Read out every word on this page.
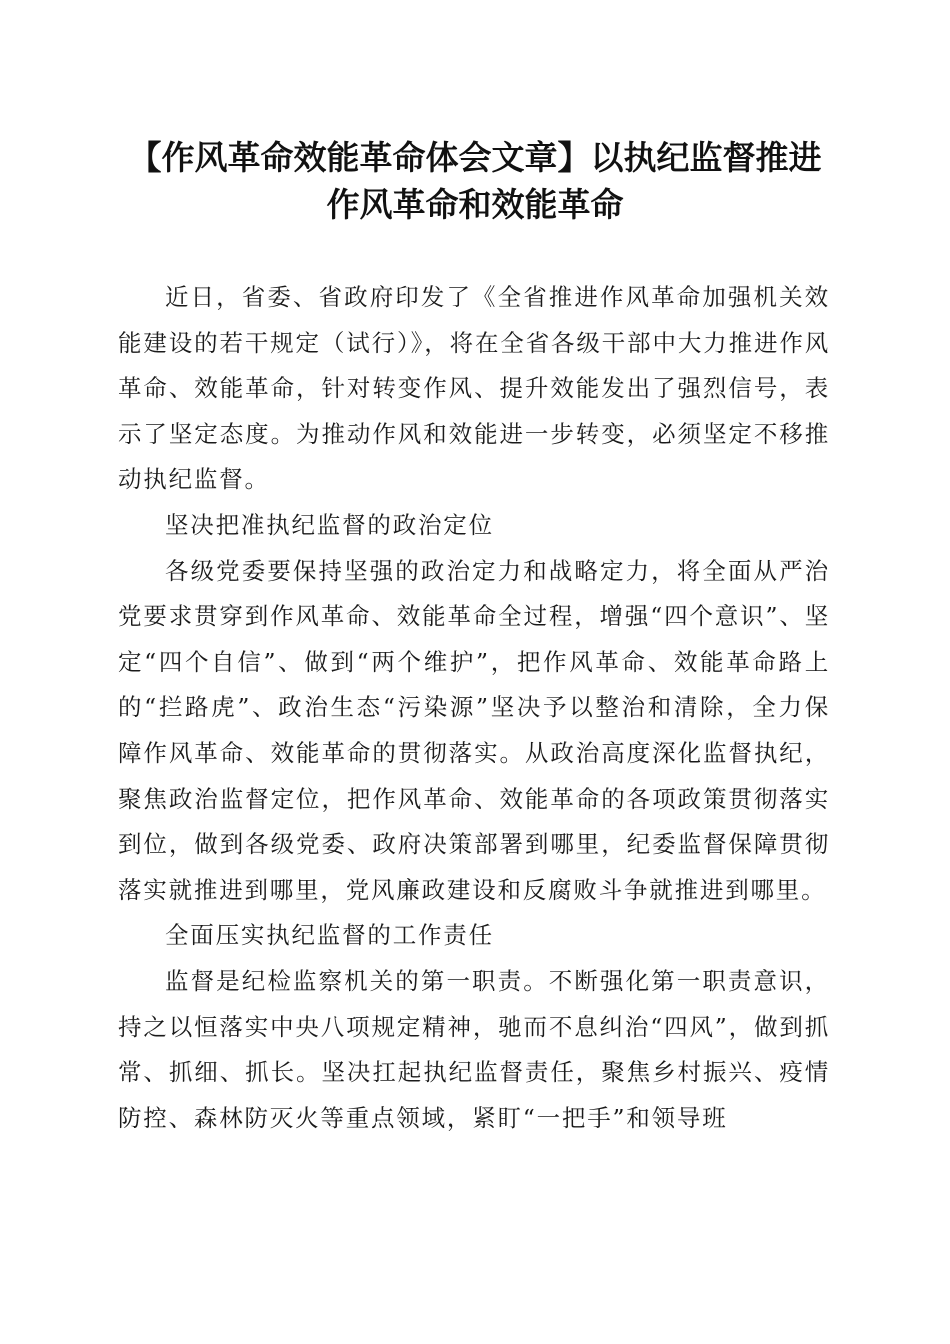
【作风革命效能革命体会文章】以执纪监督推进作风革命和效能革命

近日，省委、省政府印发了《全省推进作风革命加强机关效能建设的若干规定（试行）》，将在全省各级干部中大力推进作风革命、效能革命，针对转变作风、提升效能发出了强烈信号，表示了坚定态度。为推动作风和效能进一步转变，必须坚定不移推动执纪监督。

坚决把准执纪监督的政治定位

各级党委要保持坚强的政治定力和战略定力，将全面从严治党要求贯穿到作风革命、效能革命全过程，增强“四个意识”、坚定“四个自信”、做到“两个维护”，把作风革命、效能革命路上的“拦路虎”、政治生态“污染源”坚决予以整治和清除，全力保障作风革命、效能革命的贯彻落实。从政治高度深化监督执纪，聚焦政治监督定位，把作风革命、效能革命的各项政策贯彻落实到位，做到各级党委、政府决策部署到哪里，纪委监督保障贯彻落实就推进到哪里，党风廉政建设和反腐败斗争就推进到哪里。

全面压实执纪监督的工作责任

监督是纪检监察机关的第一职责。不断强化第一职责意识，持之以恒落实中央八项规定精神，驰而不息纠治“四风”，做到抓常、抓细、抓长。坚决扛起执纪监督责任，聚焦乡村振兴、疫情防控、森林防灭火等重点领域，紧盯“一把手”和领导班
